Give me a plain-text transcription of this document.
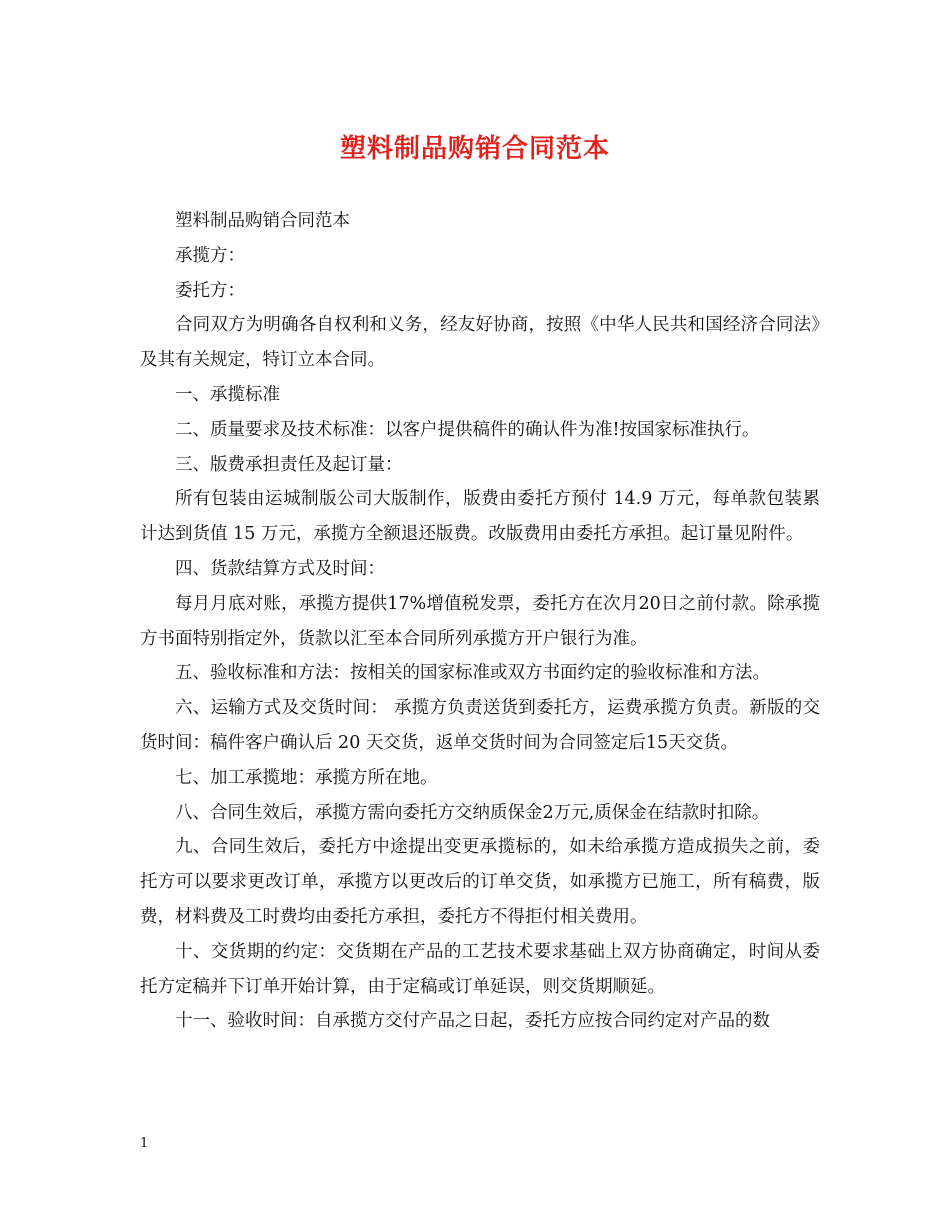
塑料制品购销合同范本

塑料制品购销合同范本

承揽方：

委托方：

合同双方为明确各自权利和义务，经友好协商，按照《中华人民共和国经济合同法》及其有关规定，特订立本合同。

一、承揽标准

二、质量要求及技术标准：以客户提供稿件的确认件为准!按国家标准执行。

三、版费承担责任及起订量：

所有包装由运城制版公司大版制作，版费由委托方预付 14.9 万元，每单款包装累计达到货值 15 万元，承揽方全额退还版费。改版费用由委托方承担。起订量见附件。

四、货款结算方式及时间：

每月月底对账，承揽方提供17%增值税发票，委托方在次月20日之前付款。除承揽方书面特别指定外，货款以汇至本合同所列承揽方开户银行为准。

五、验收标准和方法：按相关的国家标准或双方书面约定的验收标准和方法。

六、运输方式及交货时间： 承揽方负责送货到委托方，运费承揽方负责。新版的交货时间：稿件客户确认后 20 天交货，返单交货时间为合同签定后15天交货。

七、加工承揽地：承揽方所在地。

八、合同生效后，承揽方需向委托方交纳质保金2万元,质保金在结款时扣除。

九、合同生效后，委托方中途提出变更承揽标的，如未给承揽方造成损失之前，委托方可以要求更改订单，承揽方以更改后的订单交货，如承揽方已施工，所有稿费，版费，材料费及工时费均由委托方承担，委托方不得拒付相关费用。

十、交货期的约定：交货期在产品的工艺技术要求基础上双方协商确定，时间从委托方定稿并下订单开始计算，由于定稿或订单延误，则交货期顺延。

十一、验收时间：自承揽方交付产品之日起，委托方应按合同约定对产品的数

1
